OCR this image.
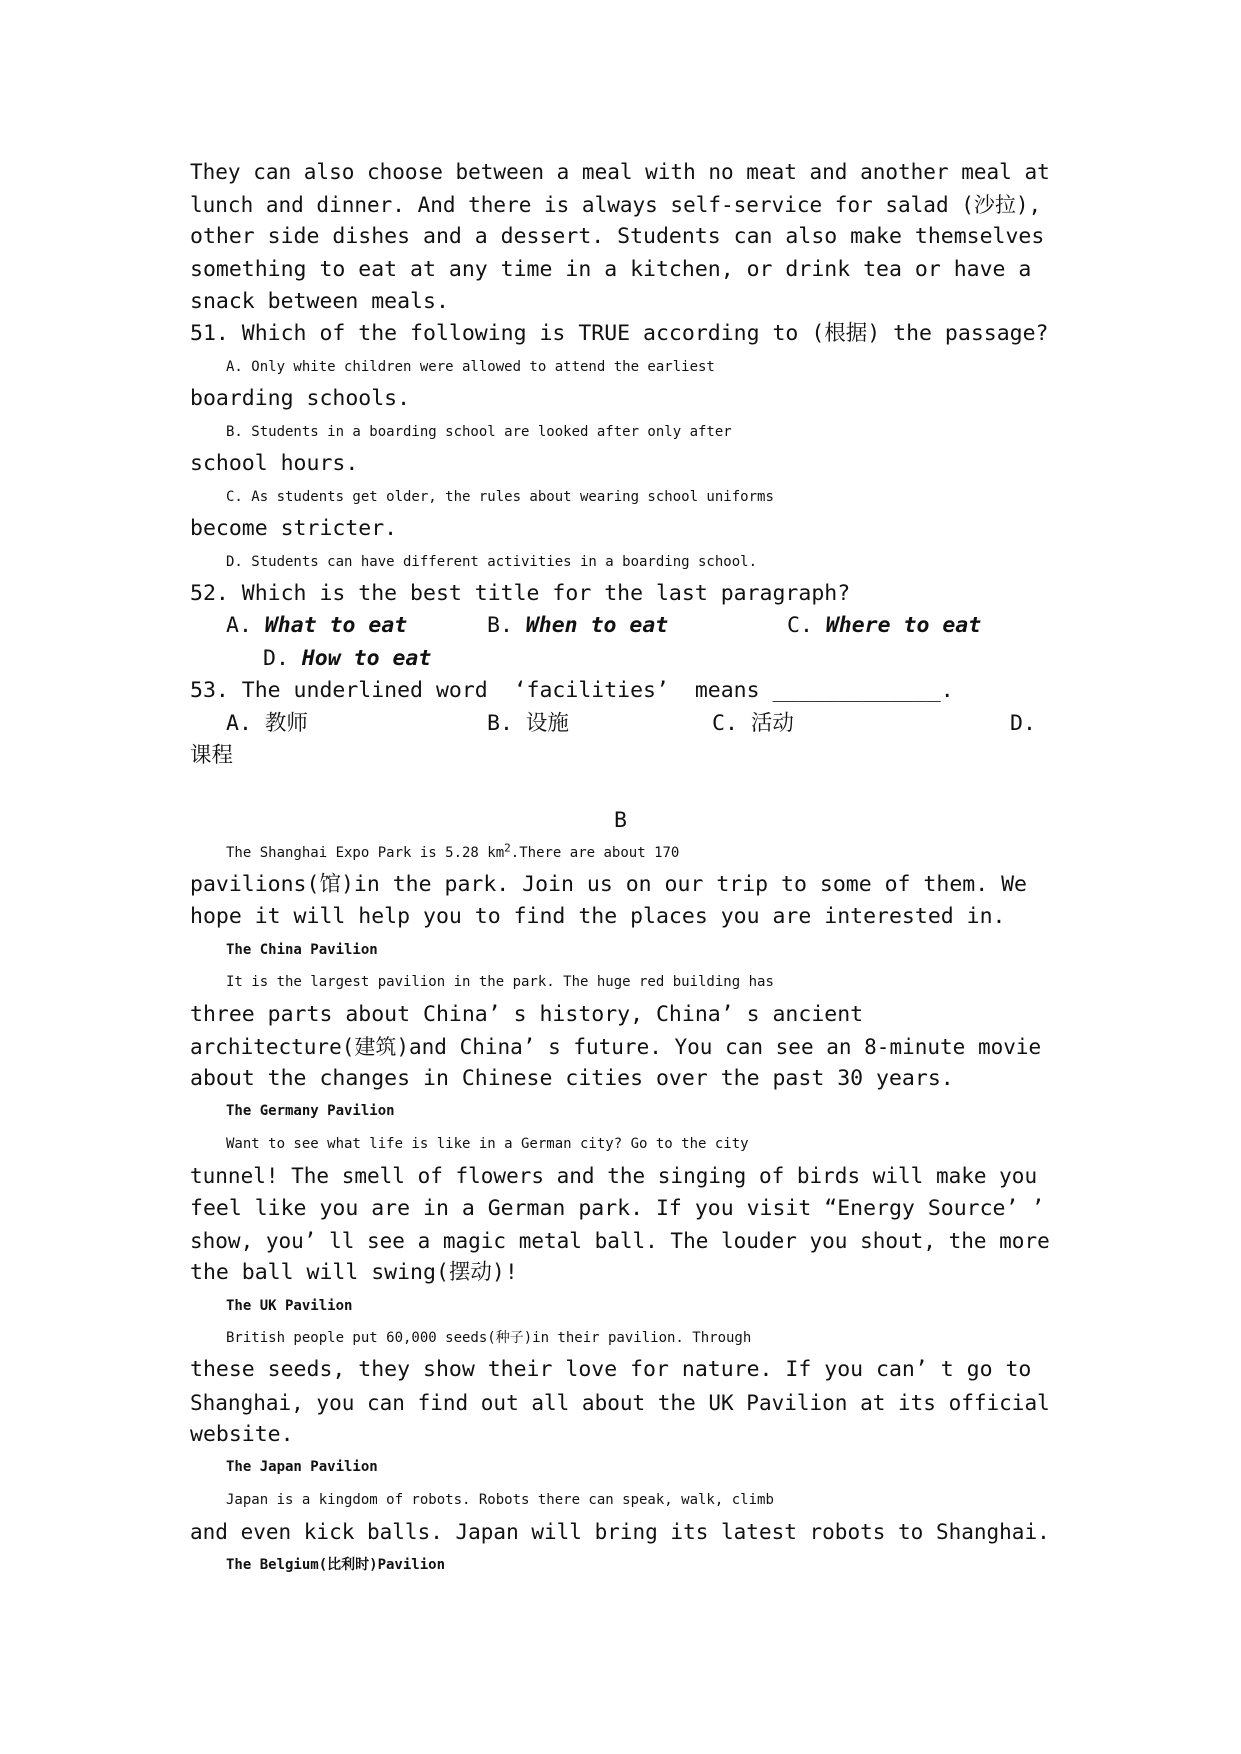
They can also choose between a meal with no meat and another meal at
lunch and dinner. And there is always self-service for salad (沙拉),
other side dishes and a dessert. Students can also make themselves
something to eat at any time in a kitchen, or drink tea or have a
snack between meals.
51. Which of the following is TRUE according to (根据) the passage?
A. Only white children were allowed to attend the earliest
boarding schools.
B. Students in a boarding school are looked after only after
school hours.
C. As students get older, the rules about wearing school uniforms
become stricter.
D. Students can have different activities in a boarding school.
52. Which is the best title for the last paragraph?
A. What to eat	B. When to eat	C. Where to eat
D. How to eat
53. The underlined word  ‘facilities’  means _____________.
A. 教师	B. 设施	C. 活动	D.
课程
B
The Shanghai Expo Park is 5.28 $km^2.There$ are about 170
pavilions(馆)in the park. Join us on our trip to some of them. We
hope it will help you to find the places you are interested in.
The China Pavilion
It is the largest pavilion in the park. The huge red building has
three parts about China’ s history, China’ s ancient
architecture(建筑)and China’ s future. You can see an 8-minute movie
about the changes in Chinese cities over the past 30 years.
The Germany Pavilion
Want to see what life is like in a German city? Go to the city
tunnel! The smell of flowers and the singing of birds will make you
feel like you are in a German park. If you visit “Energy Source’ ’
show, you’ ll see a magic metal ball. The louder you shout, the more
the ball will swing(摆动)!
The UK Pavilion
British people put 60,000 seeds(种子)in their pavilion. Through
these seeds, they show their love for nature. If you can’ t go to
Shanghai, you can find out all about the UK Pavilion at its official
website.
The Japan Pavilion
Japan is a kingdom of robots. Robots there can speak, walk, climb
and even kick balls. Japan will bring its latest robots to Shanghai.
The Belgium(比利时)Pavilion
